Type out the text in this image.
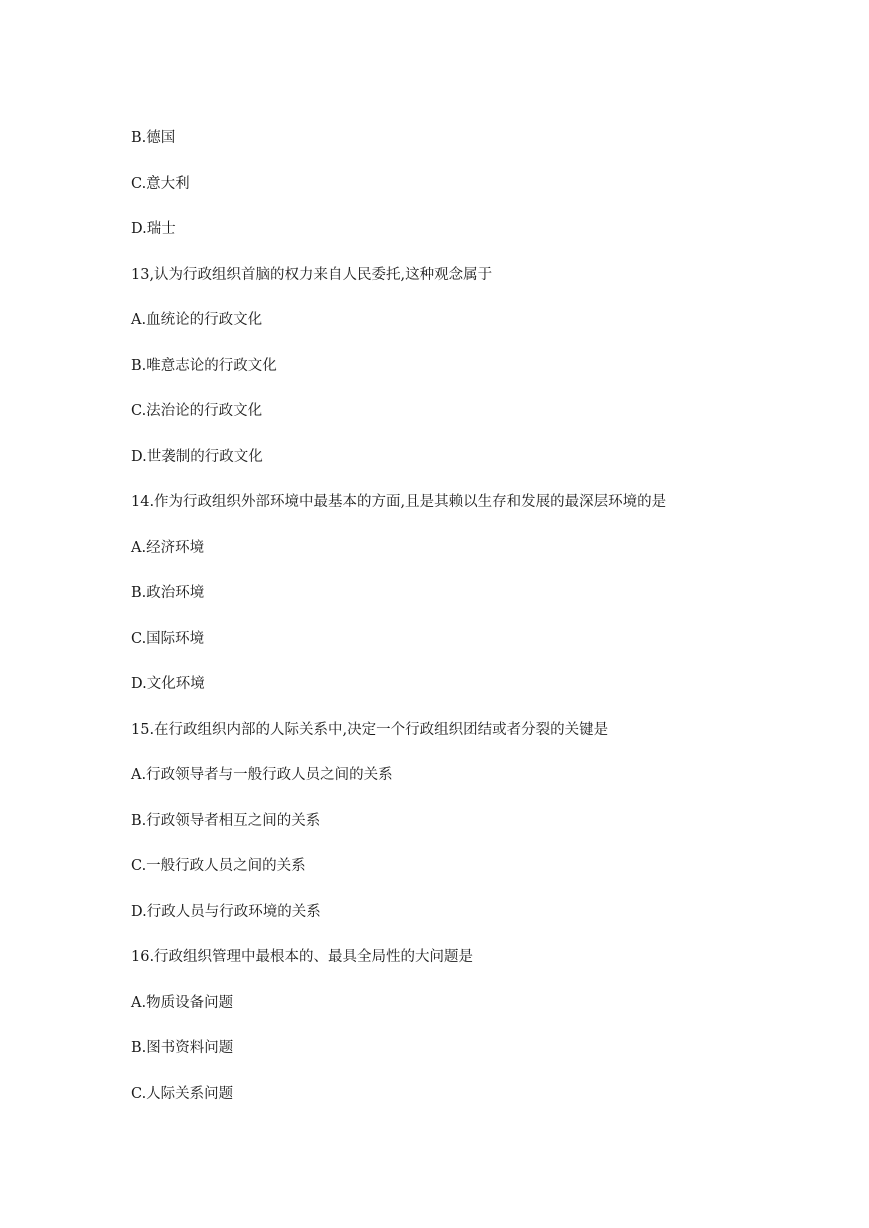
B.德国

C.意大利

D.瑞士

13,认为行政组织首脑的权力来自人民委托,这种观念属于

A.血统论的行政文化

B.唯意志论的行政文化

C.法治论的行政文化

D.世袭制的行政文化

14.作为行政组织外部环境中最基本的方面,且是其赖以生存和发展的最深层环境的是

A.经济环境

B.政治环境

C.国际环境

D.文化环境

15.在行政组织内部的人际关系中,决定一个行政组织团结或者分裂的关键是

A.行政领导者与一般行政人员之间的关系

B.行政领导者相互之间的关系

C.一般行政人员之间的关系

D.行政人员与行政环境的关系

16.行政组织管理中最根本的、最具全局性的大问题是

A.物质设备问题

B.图书资料问题

C.人际关系问题
